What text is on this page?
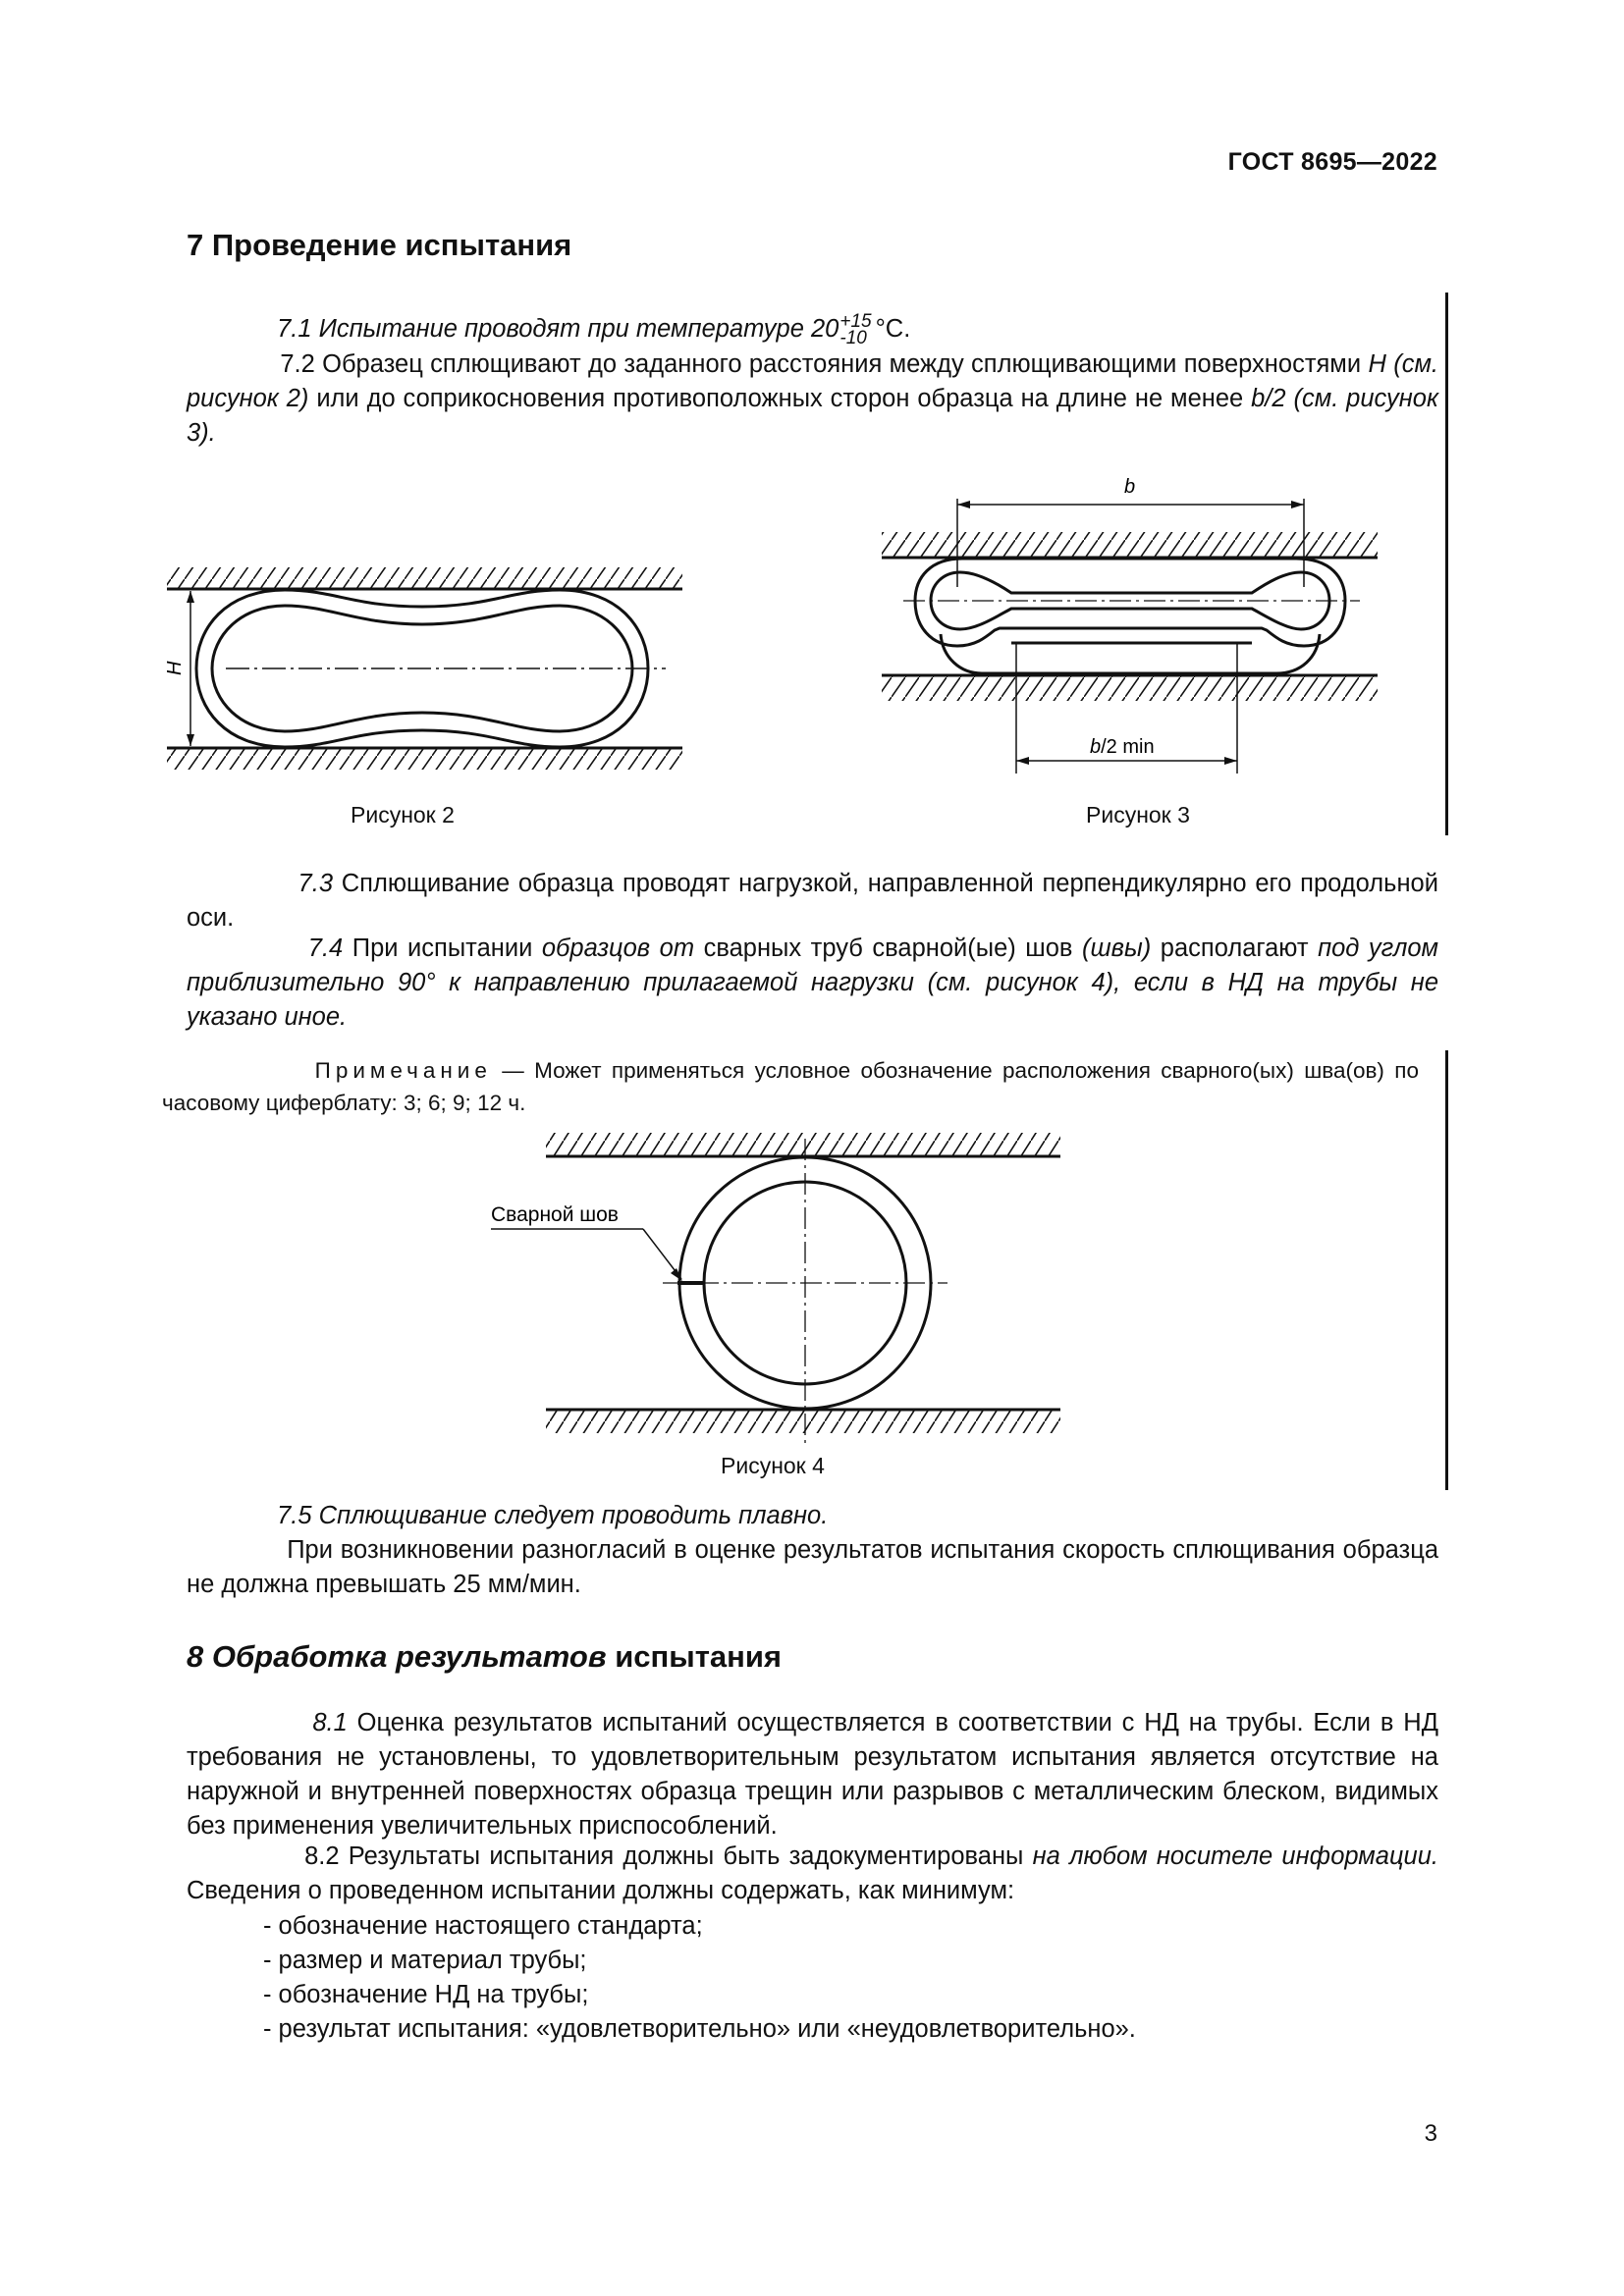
ГОСТ 8695—2022
7 Проведение испытания
7.1 Испытание проводят при температуре 20+15
-10 °С.
7.2 Образец сплющивают до заданного расстояния между сплющивающими поверхностями H (см. рисунок 2) или до соприкосновения противоположных сторон образца на длине не менее b/2 (см. рисунок 3).
H
Рисунок 2
b
b/2 min
Рисунок 3
7.3 Сплющивание образца проводят нагрузкой, направленной перпендикулярно его продольной оси.
7.4 При испытании образцов от сварных труб сварной(ые) шов (швы) располагают под углом приблизительно 90° к направлению прилагаемой нагрузки (см. рисунок 4), если в НД на трубы не указано иное.
Примечание — Может применяться условное обозначение расположения сварного(ых) шва(ов) по часовому циферблату: 3; 6; 9; 12 ч.
Сварной шов
Рисунок 4
7.5 Сплющивание следует проводить плавно.
При возникновении разногласий в оценке результатов испытания скорость сплющивания образца не должна превышать 25 мм/мин.
8 Обработка результатов испытания
8.1 Оценка результатов испытаний осуществляется в соответствии с НД на трубы. Если в НД требования не установлены, то удовлетворительным результатом испытания является отсутствие на наружной и внутренней поверхностях образца трещин или разрывов с металлическим блеском, видимых без применения увеличительных приспособлений.
8.2 Результаты испытания должны быть задокументированы на любом носителе информации. Сведения о проведенном испытании должны содержать, как минимум:
- обозначение настоящего стандарта;
- размер и материал трубы;
- обозначение НД на трубы;
- результат испытания: «удовлетворительно» или «неудовлетворительно».
3
